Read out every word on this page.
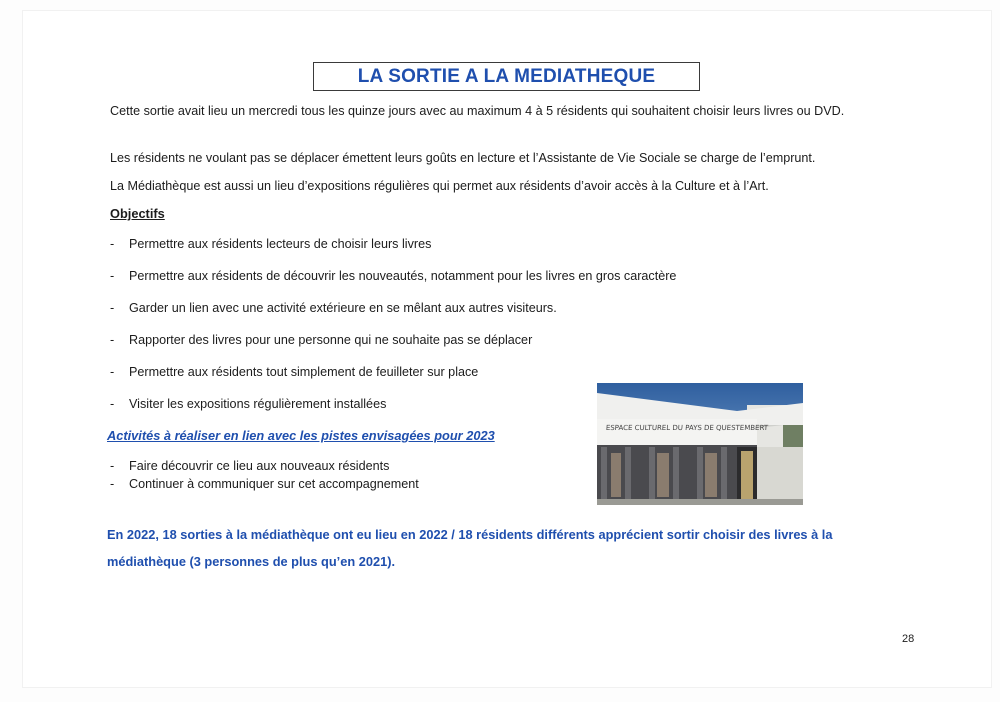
LA SORTIE A LA MEDIATHEQUE

Cette sortie avait lieu un mercredi tous les quinze jours avec au maximum 4 à 5 résidents qui souhaitent choisir leurs livres ou DVD.

Les résidents ne voulant pas se déplacer émettent leurs goûts en lecture et l’Assistante de Vie Sociale se charge de l’emprunt.

La Médiathèque est aussi un lieu d’expositions régulières qui permet aux résidents d’avoir accès à la Culture et à l’Art.

Objectifs
-	Permettre aux résidents lecteurs de choisir leurs livres
-	Permettre aux résidents de découvrir les nouveautés, notamment pour les livres en gros caractère
-	Garder un lien avec une activité extérieure en se mêlant aux autres visiteurs.
-	Rapporter des livres pour une personne qui ne souhaite pas se déplacer
-	Permettre aux résidents tout simplement de feuilleter sur place
-	Visiter les expositions régulièrement installées
Activités à réaliser en lien avec les pistes envisagées pour 2023
-	Faire découvrir ce lieu aux nouveaux résidents
-	Continuer à communiquer sur cet accompagnement
ESPACE CULTUREL DU PAYS DE QUESTEMBERT

En 2022, 18 sorties à la médiathèque ont eu lieu en 2022 / 18 résidents différents apprécient sortir choisir des livres à la médiathèque (3 personnes de plus qu’en 2021).

28
